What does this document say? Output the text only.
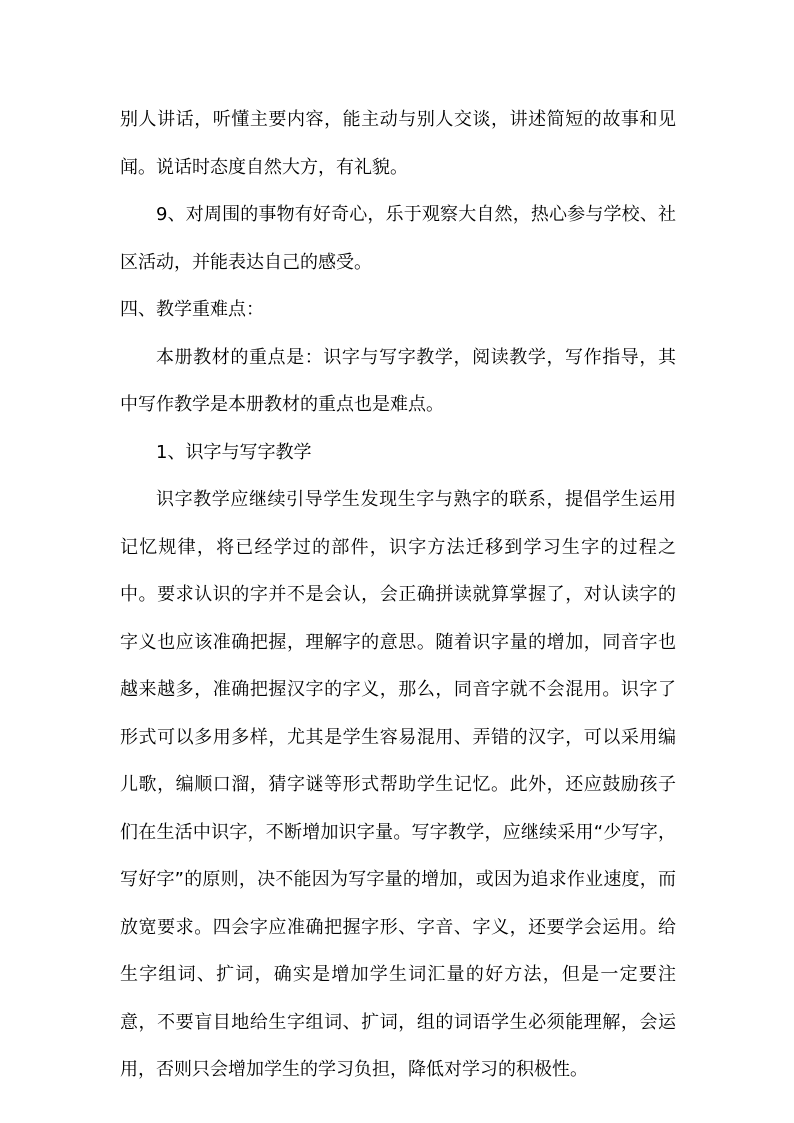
别人讲话，听懂主要内容，能主动与别人交谈，讲述简短的故事和见闻。说话时态度自然大方，有礼貌。

9、对周围的事物有好奇心，乐于观察大自然，热心参与学校、社区活动，并能表达自己的感受。

四、教学重难点：

本册教材的重点是：识字与写字教学，阅读教学，写作指导，其中写作教学是本册教材的重点也是难点。

1、识字与写字教学

识字教学应继续引导学生发现生字与熟字的联系，提倡学生运用记忆规律，将已经学过的部件，识字方法迁移到学习生字的过程之中。要求认识的字并不是会认，会正确拼读就算掌握了，对认读字的字义也应该准确把握，理解字的意思。随着识字量的增加，同音字也越来越多，准确把握汉字的字义，那么，同音字就不会混用。识字了形式可以多用多样，尤其是学生容易混用、弄错的汉字，可以采用编儿歌，编顺口溜，猜字谜等形式帮助学生记忆。此外，还应鼓励孩子们在生活中识字，不断增加识字量。写字教学，应继续采用“少写字，写好字”的原则，决不能因为写字量的增加，或因为追求作业速度，而放宽要求。四会字应准确把握字形、字音、字义，还要学会运用。给生字组词、扩词，确实是增加学生词汇量的好方法，但是一定要注意，不要盲目地给生字组词、扩词，组的词语学生必须能理解，会运用，否则只会增加学生的学习负担，降低对学习的积极性。
